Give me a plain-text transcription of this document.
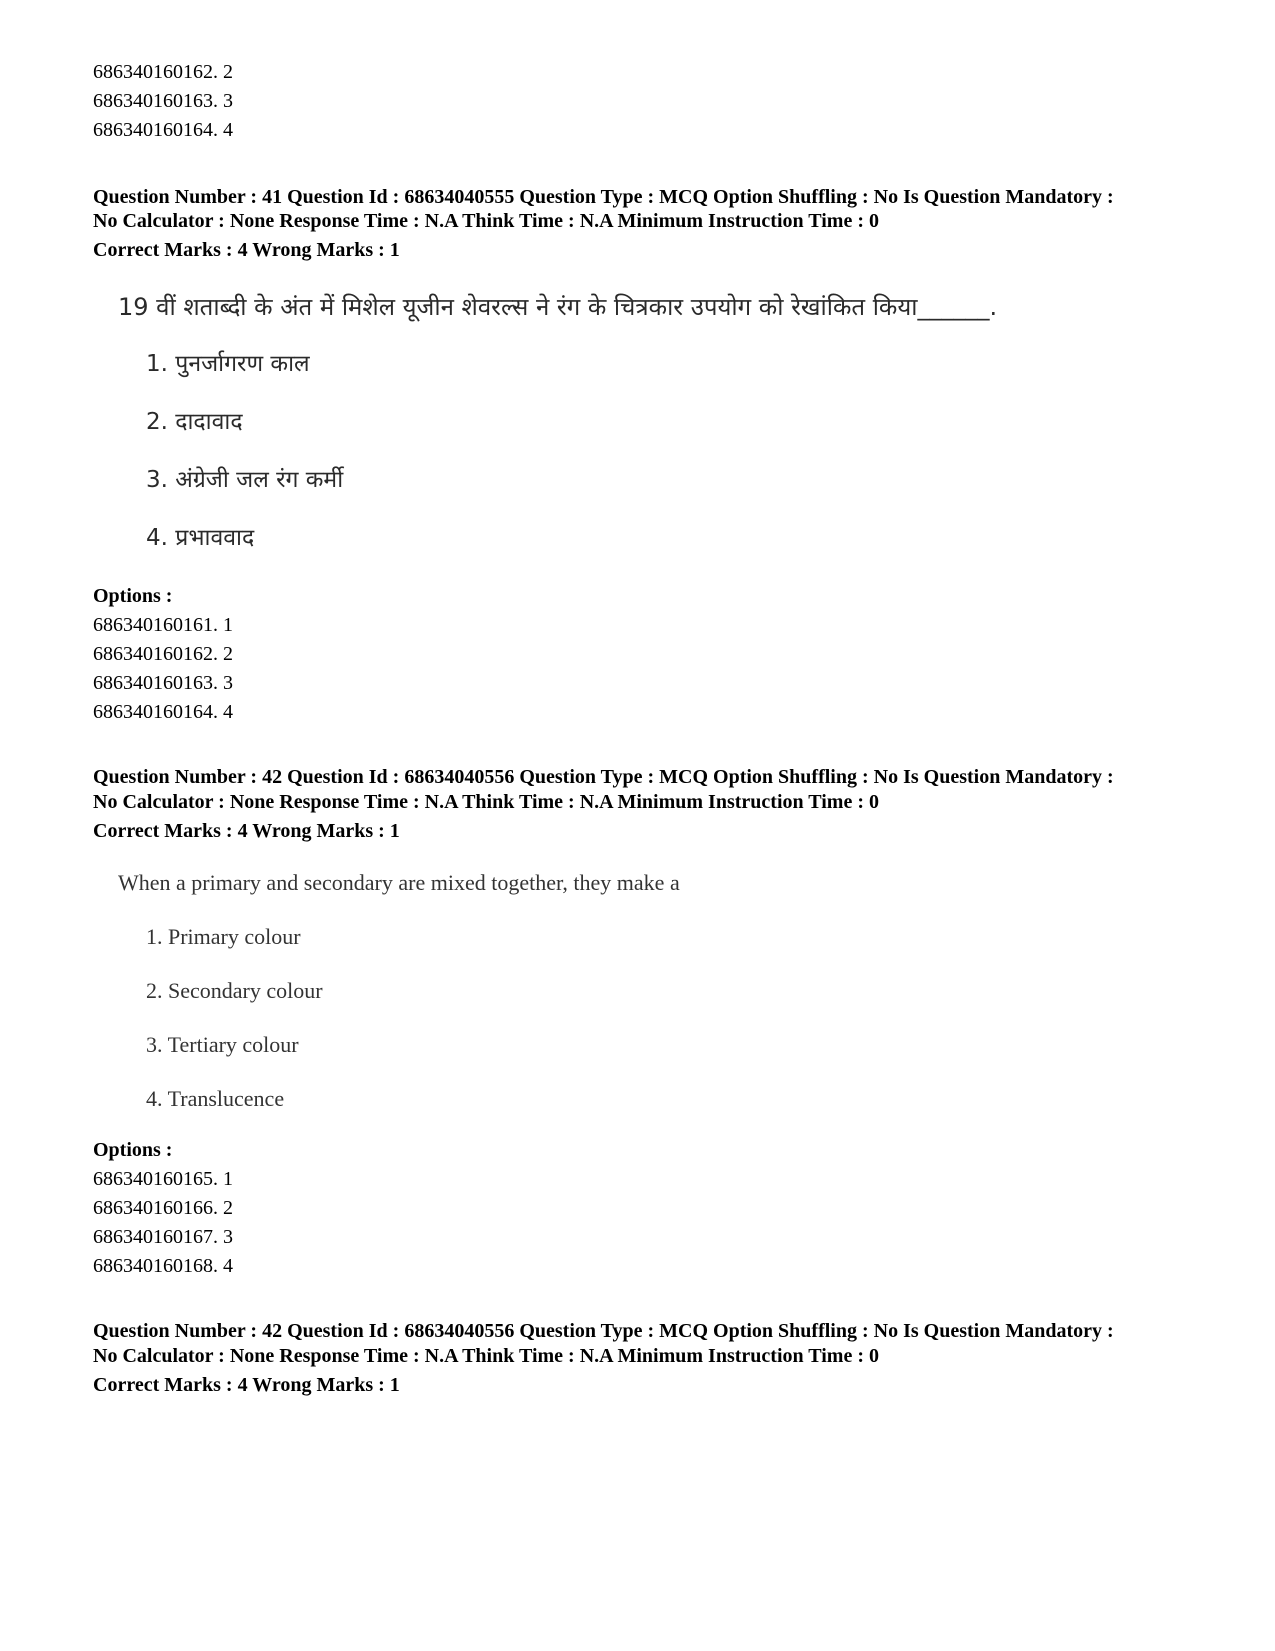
686340160162. 2
686340160163. 3
686340160164. 4
Question Number : 41 Question Id : 68634040555 Question Type : MCQ Option Shuffling : No Is Question Mandatory :
No Calculator : None Response Time : N.A Think Time : N.A Minimum Instruction Time : 0
Correct Marks : 4 Wrong Marks : 1
19 वीं शताब्दी के अंत में मिशेल यूजीन शेवरल्स ने रंग के चित्रकार उपयोग को रेखांकित किया______.
1. पुनर्जागरण काल
2. दादावाद
3. अंग्रेजी जल रंग कर्मी
4. प्रभाववाद
Options :
686340160161. 1
686340160162. 2
686340160163. 3
686340160164. 4
Question Number : 42 Question Id : 68634040556 Question Type : MCQ Option Shuffling : No Is Question Mandatory :
No Calculator : None Response Time : N.A Think Time : N.A Minimum Instruction Time : 0
Correct Marks : 4 Wrong Marks : 1
When a primary and secondary are mixed together, they make a
1. Primary colour
2. Secondary colour
3. Tertiary colour
4. Translucence
Options :
686340160165. 1
686340160166. 2
686340160167. 3
686340160168. 4
Question Number : 42 Question Id : 68634040556 Question Type : MCQ Option Shuffling : No Is Question Mandatory :
No Calculator : None Response Time : N.A Think Time : N.A Minimum Instruction Time : 0
Correct Marks : 4 Wrong Marks : 1
